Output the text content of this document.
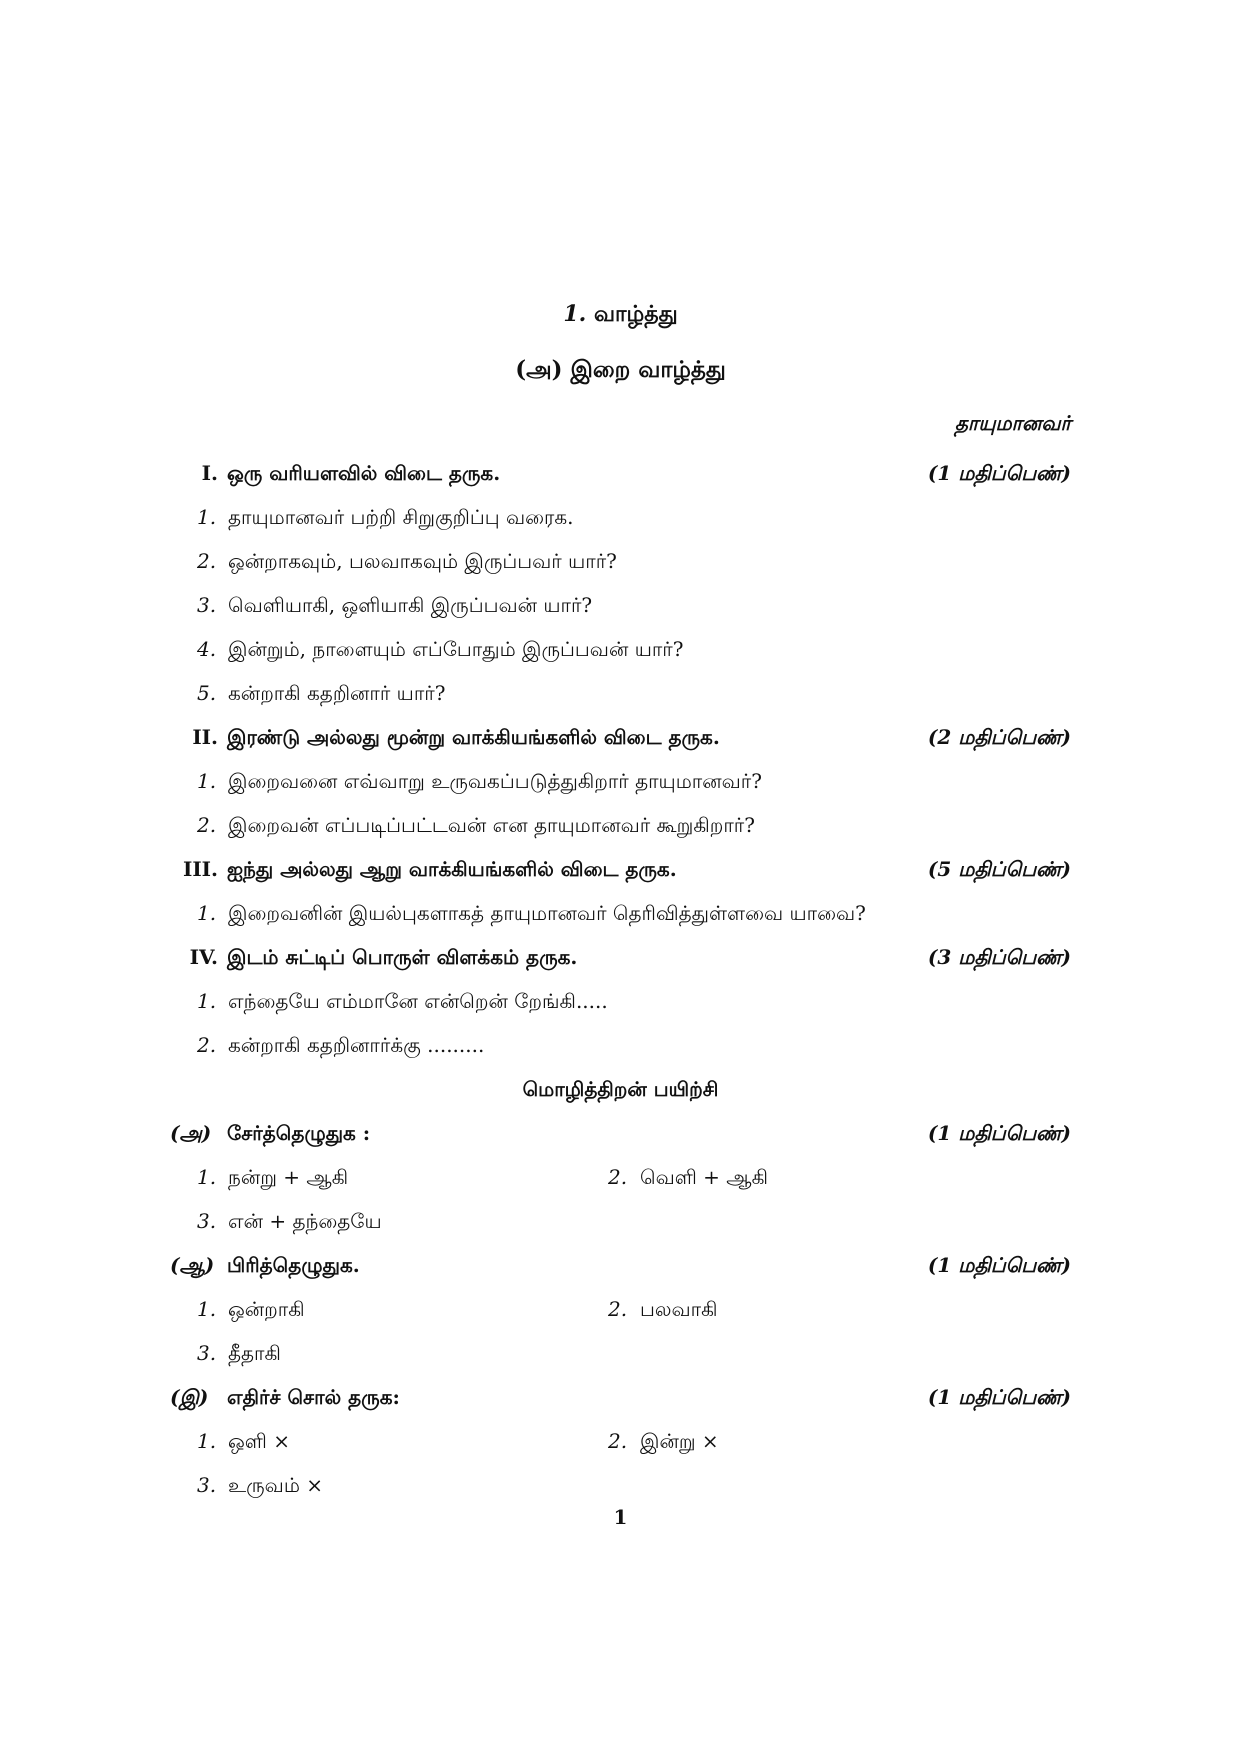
1. வாழ்த்து
(அ) இறை வாழ்த்து
தாயுமானவர்
I. ஒரு வரியளவில் விடை தருக.	(1 மதிப்பெண்)
1. தாயுமானவர் பற்றி சிறுகுறிப்பு வரைக.
2. ஒன்றாகவும், பலவாகவும் இருப்பவர் யார்?
3. வெளியாகி, ஒளியாகி இருப்பவன் யார்?
4. இன்றும், நாளையும் எப்போதும் இருப்பவன் யார்?
5. கன்றாகி கதறினார் யார்?
II. இரண்டு அல்லது மூன்று வாக்கியங்களில் விடை தருக.	(2 மதிப்பெண்)
1. இறைவனை எவ்வாறு உருவகப்படுத்துகிறார் தாயுமானவர்?
2. இறைவன் எப்படிப்பட்டவன் என தாயுமானவர் கூறுகிறார்?
III. ஐந்து அல்லது ஆறு வாக்கியங்களில் விடை தருக.	(5 மதிப்பெண்)
1. இறைவனின் இயல்புகளாகத் தாயுமானவர் தெரிவித்துள்ளவை யாவை?
IV. இடம் சுட்டிப் பொருள் விளக்கம் தருக.	(3 மதிப்பெண்)
1. எந்தையே எம்மானே என்றென் றேங்கி.....
2. கன்றாகி கதறினார்க்கு .........
மொழித்திறன் பயிற்சி
(அ) சேர்த்தெழுதுக :	(1 மதிப்பெண்)
1. நன்று + ஆகி	2. வெளி + ஆகி
3. என் + தந்தையே
(ஆ) பிரித்தெழுதுக.	(1 மதிப்பெண்)
1. ஒன்றாகி	2. பலவாகி
3. தீதாகி
(இ) எதிர்ச் சொல் தருக:	(1 மதிப்பெண்)
1. ஒளி ×	2. இன்று ×
3. உருவம் ×
1
